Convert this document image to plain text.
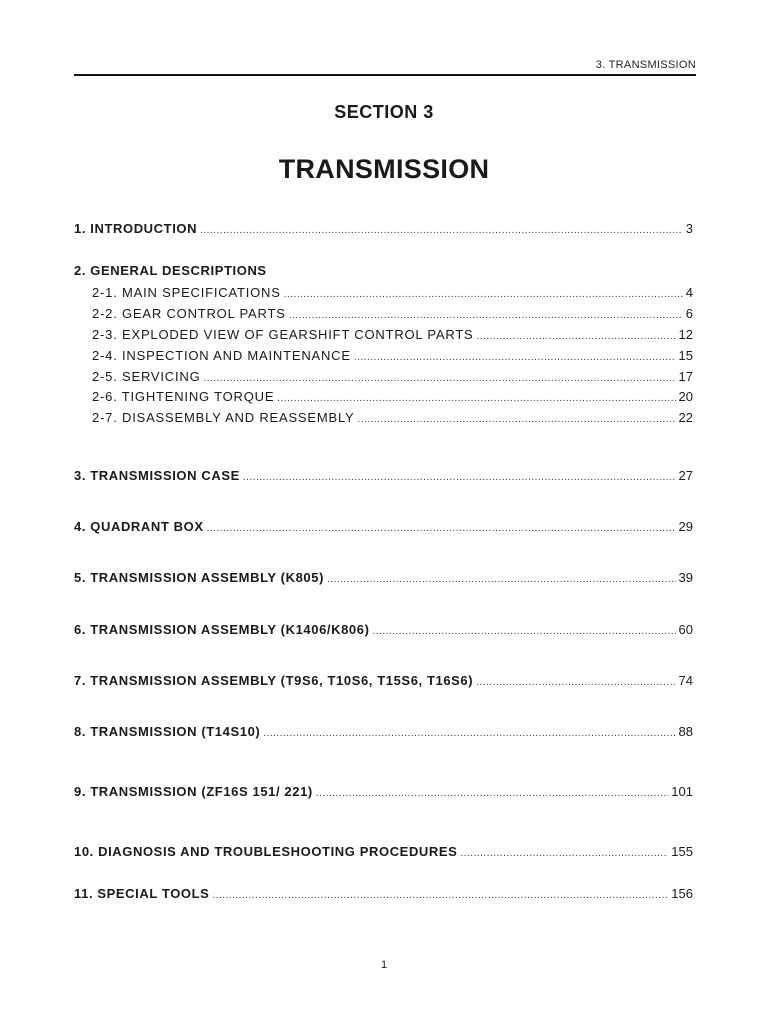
3. TRANSMISSION
SECTION 3
TRANSMISSION
1. INTRODUCTION .....	3
2. GENERAL DESCRIPTIONS
2-1. MAIN SPECIFICATIONS .....	4
2-2. GEAR CONTROL PARTS .....	6
2-3. EXPLODED VIEW OF GEARSHIFT CONTROL PARTS .....	12
2-4. INSPECTION AND MAINTENANCE .....	15
2-5. SERVICING .....	17
2-6. TIGHTENING TORQUE .....	20
2-7. DISASSEMBLY AND REASSEMBLY .....	22
3. TRANSMISSION CASE .....	27
4. QUADRANT BOX .....	29
5. TRANSMISSION ASSEMBLY (K805) .....	39
6. TRANSMISSION ASSEMBLY (K1406/K806) .....	60
7. TRANSMISSION ASSEMBLY (T9S6, T10S6, T15S6, T16S6) .....	74
8. TRANSMISSION (T14S10) .....	88
9. TRANSMISSION (ZF16S 151/ 221) .....	101
10. DIAGNOSIS AND TROUBLESHOOTING PROCEDURES .....	155
11. SPECIAL TOOLS .....	156
1
